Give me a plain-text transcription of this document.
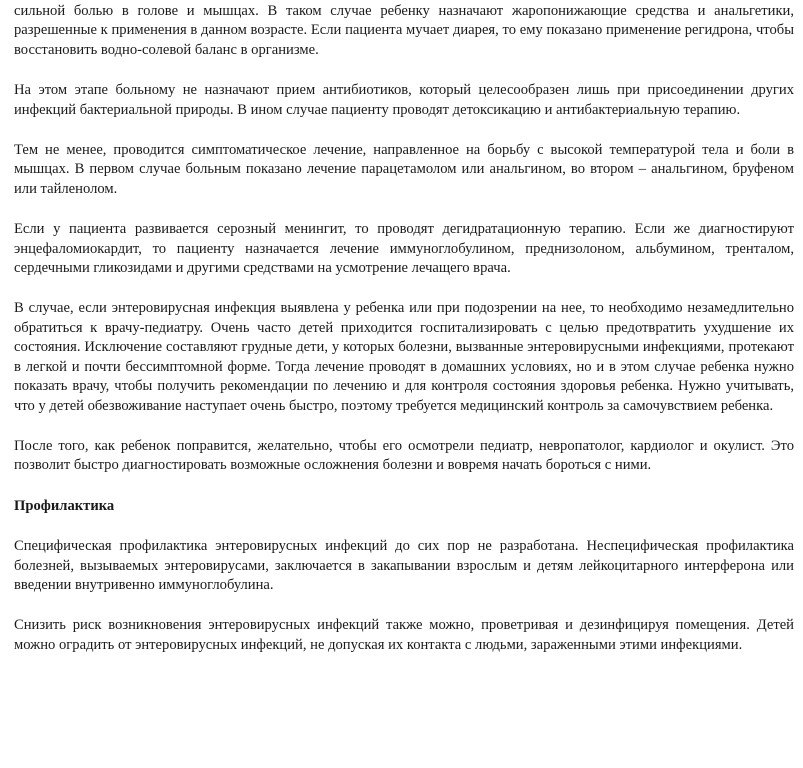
сильной болью в голове и мышцах. В таком случае ребенку назначают жаропонижающие средства и анальгетики, разрешенные к применения в данном возрасте. Если пациента мучает диарея, то ему показано применение регидрона, чтобы восстановить водно-солевой баланс в организме.

На этом этапе больному не назначают прием антибиотиков, который целесообразен лишь при присоединении других инфекций бактериальной природы. В ином случае пациенту проводят детоксикацию и антибактериальную терапию.

Тем не менее, проводится симптоматическое лечение, направленное на борьбу с высокой температурой тела и боли в мышцах. В первом случае больным показано лечение парацетамолом или анальгином, во втором – анальгином, бруфеном или тайленолом.

Если у пациента развивается серозный менингит, то проводят дегидратационную терапию. Если же диагностируют энцефаломиокардит, то пациенту назначается лечение иммуноглобулином, преднизолоном, альбумином, тренталом, сердечными гликозидами и другими средствами на усмотрение лечащего врача.

В случае, если энтеровирусная инфекция выявлена у ребенка или при подозрении на нее, то необходимо незамедлительно обратиться к врачу-педиатру. Очень часто детей приходится госпитализировать с целью предотвратить ухудшение их состояния. Исключение составляют грудные дети, у которых болезни, вызванные энтеровирусными инфекциями, протекают в легкой и почти бессимптомной форме. Тогда лечение проводят в домашних условиях, но и в этом случае ребенка нужно показать врачу, чтобы получить рекомендации по лечению и для контроля состояния здоровья ребенка. Нужно учитывать, что у детей обезвоживание наступает очень быстро, поэтому требуется медицинский контроль за самочувствием ребенка.

После того, как ребенок поправится, желательно, чтобы его осмотрели педиатр, невропатолог, кардиолог и окулист. Это позволит быстро диагностировать возможные осложнения болезни и вовремя начать бороться с ними.

Профилактика

Специфическая профилактика энтеровирусных инфекций до сих пор не разработана. Неспецифическая профилактика болезней, вызываемых энтеровирусами, заключается в закапывании взрослым и детям лейкоцитарного интерферона или введении внутривенно иммуноглобулина.

Снизить риск возникновения энтеровирусных инфекций также можно, проветривая и дезинфицируя помещения. Детей можно оградить от энтеровирусных инфекций, не допуская их контакта с людьми, зараженными этими инфекциями.
